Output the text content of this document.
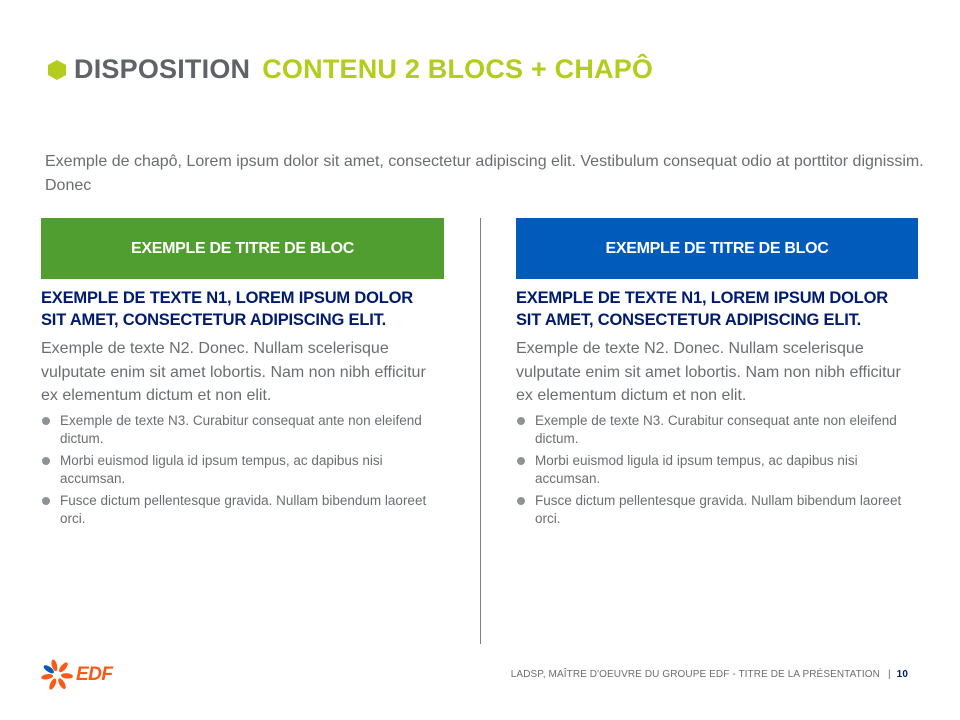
DISPOSITION CONTENU 2 BLOCS + CHAPÔ
Exemple de chapô, Lorem ipsum dolor sit amet, consectetur adipiscing elit. Vestibulum consequat odio at porttitor dignissim. Donec
EXEMPLE DE TITRE DE BLOC
EXEMPLE DE TEXTE N1, LOREM IPSUM DOLOR SIT AMET, CONSECTETUR ADIPISCING ELIT.
Exemple de texte N2. Donec. Nullam scelerisque vulputate enim sit amet lobortis. Nam non nibh efficitur ex elementum dictum et non elit.
Exemple de texte N3. Curabitur consequat ante non eleifend dictum.
Morbi euismod ligula id ipsum tempus, ac dapibus nisi accumsan.
Fusce dictum pellentesque gravida. Nullam bibendum laoreet orci.
EXEMPLE DE TITRE DE BLOC
EXEMPLE DE TEXTE N1, LOREM IPSUM DOLOR SIT AMET, CONSECTETUR ADIPISCING ELIT.
Exemple de texte N2. Donec. Nullam scelerisque vulputate enim sit amet lobortis. Nam non nibh efficitur ex elementum dictum et non elit.
Exemple de texte N3. Curabitur consequat ante non eleifend dictum.
Morbi euismod ligula id ipsum tempus, ac dapibus nisi accumsan.
Fusce dictum pellentesque gravida. Nullam bibendum laoreet orci.
EDF	LADSP, MAÎTRE D'OEUVRE DU GROUPE EDF - TITRE DE LA PRÉSENTATION | 10
